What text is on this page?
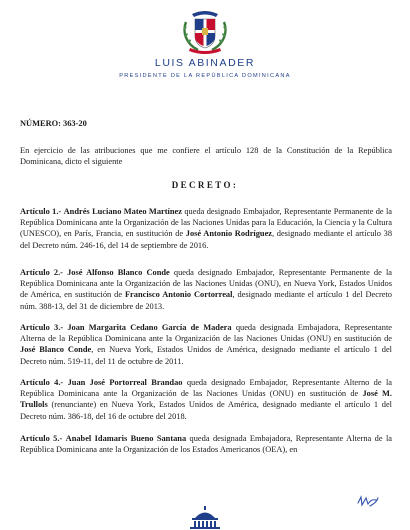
LUIS ABINADER
PRESIDENTE DE LA REPÚBLICA DOMINICANA
NÚMERO: 363-20

En ejercicio de las atribuciones que me confiere el artículo 128 de la Constitución de la República Dominicana, dicto el siguiente

DECRETO:

Artículo 1.- Andrés Luciano Mateo Martínez queda designado Embajador, Representante Permanente de la República Dominicana ante la Organización de las Naciones Unidas para la Educación, la Ciencia y la Cultura (UNESCO), en París, Francia, en sustitución de José Antonio Rodríguez, designado mediante el artículo 38 del Decreto núm. 246-16, del 14 de septiembre de 2016.

Artículo 2.- José Alfonso Blanco Conde queda designado Embajador, Representante Permanente de la República Dominicana ante la Organización de las Naciones Unidas (ONU), en Nueva York, Estados Unidos de América, en sustitución de Francisco Antonio Cortorreal, designado mediante el artículo 1 del Decreto núm. 388-13, del 31 de diciembre de 2013.

Artículo 3.- Joan Margarita Cedano García de Madera queda designada Embajadora, Representante Alterna de la República Dominicana ante la Organización de las Naciones Unidas (ONU) en sustitución de José Blanco Conde, en Nueva York, Estados Unidos de América, designado mediante el artículo 1 del Decreto núm. 519-11, del 11 de octubre de 2011.

Artículo 4.- Juan José Portorreal Brandao queda designado Embajador, Representante Alterno de la República Dominicana ante la Organización de las Naciones Unidas (ONU) en sustitución de José M. Trullols (renunciante) en Nueva York, Estados Unidos de América, designado mediante el artículo 1 del Decreto núm. 386-18, del 16 de octubre del 2018.

Artículo 5.- Anabel Idamaris Bueno Santana queda designada Embajadora, Representante Alterna de la República Dominicana ante la Organización de los Estados Americanos (OEA), en
